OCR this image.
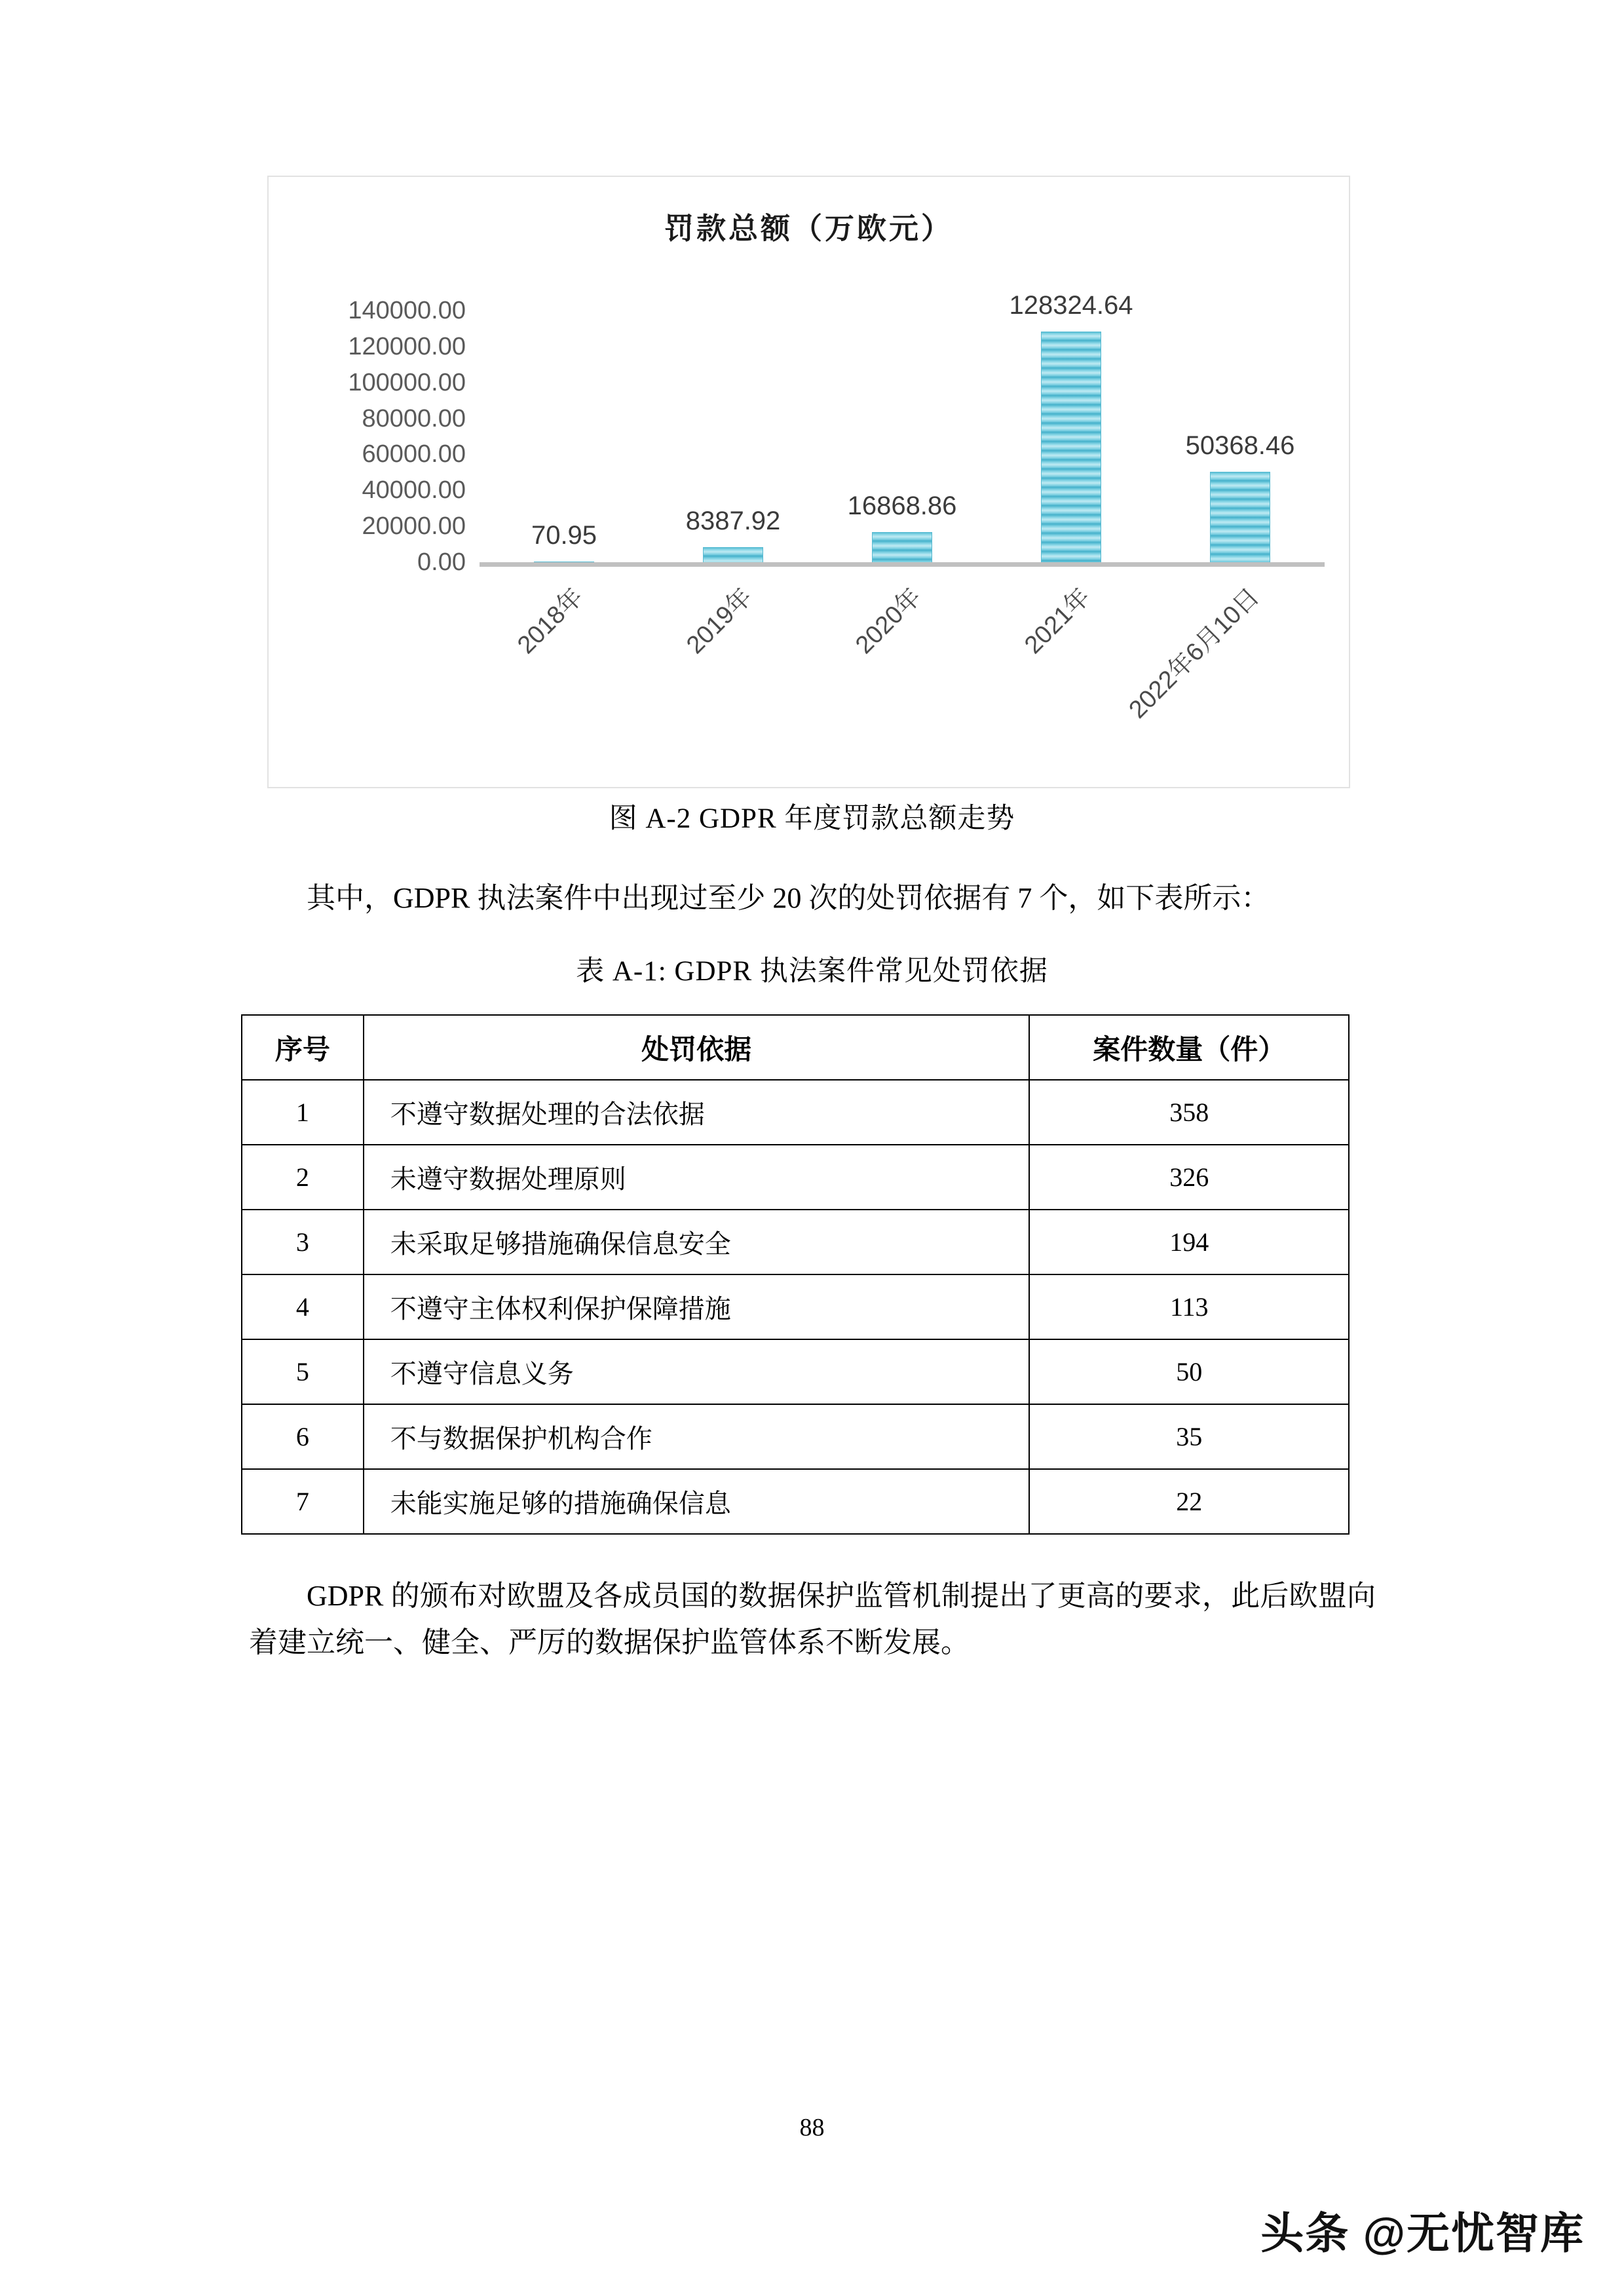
罚款总额（万欧元）
140000.00
120000.00
100000.00
80000.00
60000.00
40000.00
20000.00
0.00
70.95
2018年
8387.92
2019年
16868.86
2020年
128324.64
2021年
50368.46
2022年6月10日
图 A-2 GDPR 年度罚款总额走势
其中，GDPR 执法案件中出现过至少 20 次的处罚依据有 7 个，如下表所示：
表 A-1: GDPR 执法案件常见处罚依据
序号	处罚依据	案件数量（件）
1	不遵守数据处理的合法依据	358
2	未遵守数据处理原则	326
3	未采取足够措施确保信息安全	194
4	不遵守主体权利保护保障措施	113
5	不遵守信息义务	50
6	不与数据保护机构合作	35
7	未能实施足够的措施确保信息	22
GDPR 的颁布对欧盟及各成员国的数据保护监管机制提出了更高的要求，此后欧盟向着建立统一、健全、严厉的数据保护监管体系不断发展。
88
头条 @无忧智库
